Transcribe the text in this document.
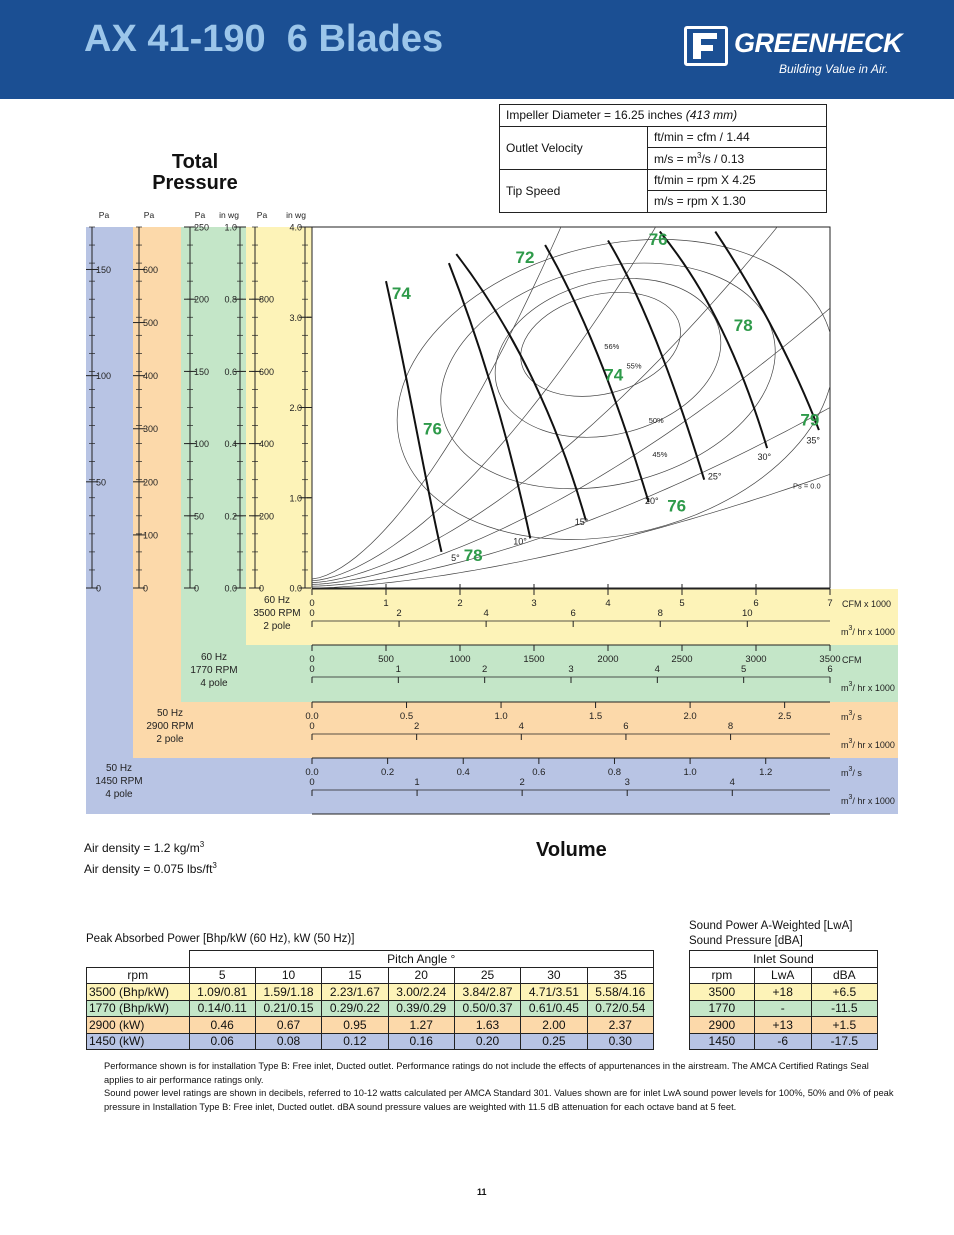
AX 41-190  6 Blades	GREENHECK
Building Value in Air.
Impeller Diameter = 16.25 inches (413 mm)	
Outlet Velocity	ft/min = cfm / 1.44
	$m/s = m^3/s / 0.13$
Tip Speed	ft/min = rpm X 4.25
	m/s = rpm X 1.30
Total
Pressure
150
100
50
0
600
500
400
300
200
100
0
250
200
150
100
50
0
1.0
0.8
0.6
0.4
0.2
0.0
800
600
400
200
0
4.0
3.0
2.0
1.0
0.0
Pa	Pa	Pa in wg Pa in wg
60 Hz
3500 RPM
2 pole
60 Hz
1770 RPM
4 pole
50 Hz
2900 RPM
2 pole
50 Hz
1450 RPM
4 pole
0	1	2	3	4	5	6	7 CFM x 1000
0	2	4	6	8	10
$m^3/$ hr x 1000
0	500	1000	1500	2000	2500	3000	3500 CFM
0	1	2	3	4	5	6
$m^3/$ hr x 1000
0.0	0.5	1.0	1.5	2.0	2.5	$m^3/$ s
0	2	4	6	8
$m^3/$ hr x 1000
0.0	0.2	0.4	0.6	0.8	1.0	1.2	$m^3/$ s
0	1	2	3	4
$m^3/$ hr x 1000
5°
10°
15°
20°
25°
30°
35°
56%
55%
50%
45%
Ps = 0.0
74
72
76
78
74
76	79
76
78
Volume
Air density = 1.2 $kg/m^3$
Air density = 0.075 lbs/$ft^3$
Peak Absorbed Power [Bhp/kW (60 Hz), kW (50 Hz)]
Sound Power A-Weighted [LwA]
Sound Pressure [dBA]
	Pitch Angle °						
rpm	5	10	15	20	25	30	35
3500 (Bhp/kW)	1.09/0.81	1.59/1.18	2.23/1.67	3.00/2.24	3.84/2.87	4.71/3.51	5.58/4.16
1770 (Bhp/kW)	0.14/0.11	0.21/0.15	0.29/0.22	0.39/0.29	0.50/0.37	0.61/0.45	0.72/0.54
2900 (kW)	0.46	0.67	0.95	1.27	1.63	2.00	2.37
1450 (kW)	0.06	0.08	0.12	0.16	0.20	0.25	0.30
Inlet Sound		
rpm	LwA	dBA
3500	+18	+6.5
1770	-	-11.5
2900	+13	+1.5
1450	-6	-17.5
Performance shown is for installation Type B: Free inlet, Ducted outlet. Performance ratings do not include the effects of appurtenances in the airstream. The AMCA Certified Ratings Seal applies to air performance ratings only.
Sound power level ratings are shown in decibels, referred to 10-12 watts calculated per AMCA Standard 301. Values shown are for inlet LwA sound power levels for 100%, 50% and 0% of peak pressure in Installation Type B: Free inlet, Ducted outlet. dBA sound pressure values are weighted with 11.5 dB attenuation for each octave band at 5 feet.
11
